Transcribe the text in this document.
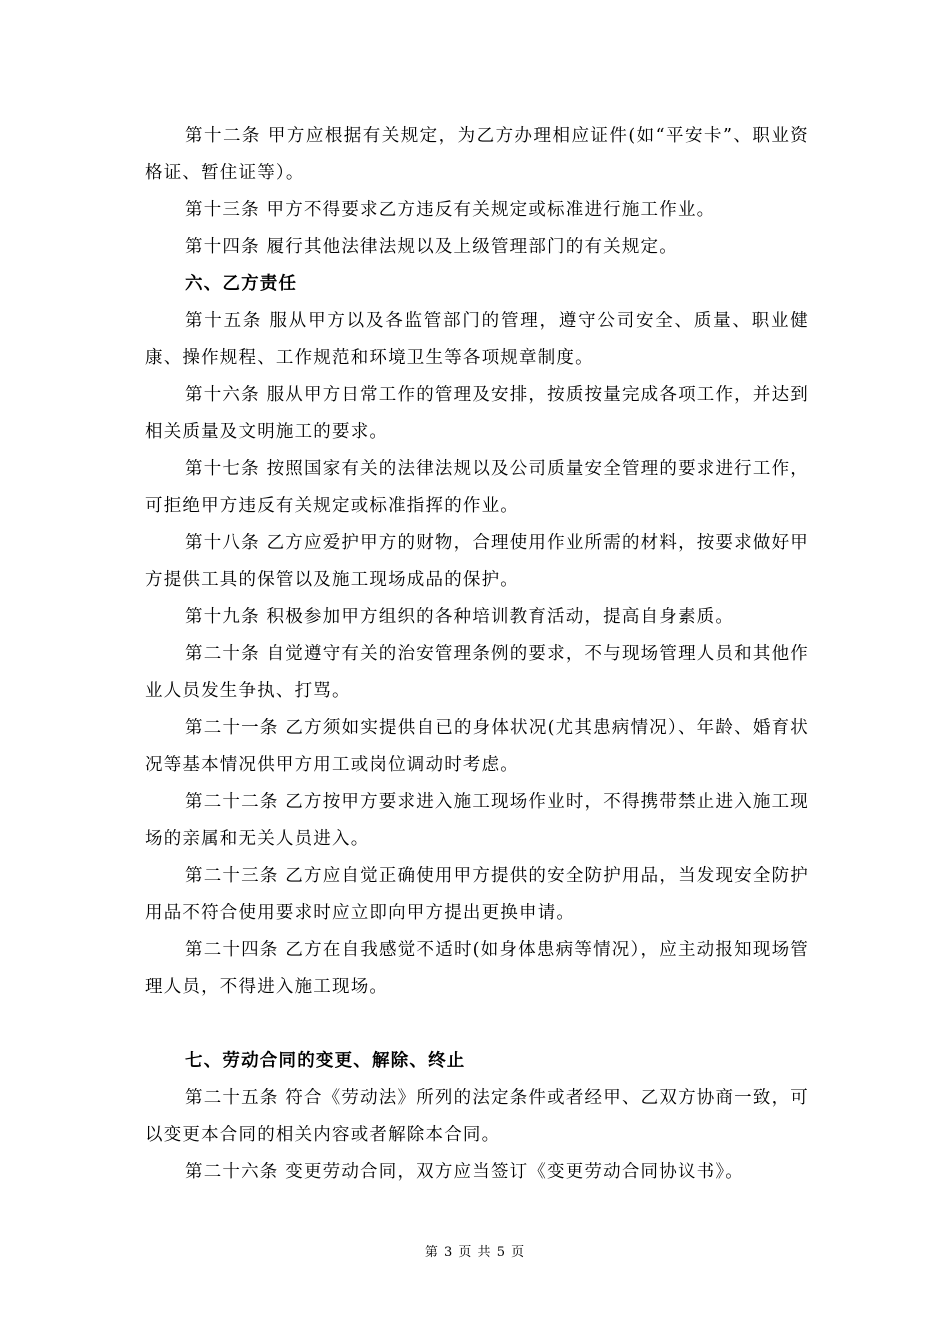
第十二条 甲方应根据有关规定，为乙方办理相应证件(如“平安卡”、职业资格证、暂住证等）。

第十三条 甲方不得要求乙方违反有关规定或标准进行施工作业。

第十四条 履行其他法律法规以及上级管理部门的有关规定。

六、乙方责任

第十五条 服从甲方以及各监管部门的管理，遵守公司安全、质量、职业健康、操作规程、工作规范和环境卫生等各项规章制度。

第十六条 服从甲方日常工作的管理及安排，按质按量完成各项工作，并达到相关质量及文明施工的要求。

第十七条 按照国家有关的法律法规以及公司质量安全管理的要求进行工作，可拒绝甲方违反有关规定或标准指挥的作业。

第十八条 乙方应爱护甲方的财物，合理使用作业所需的材料，按要求做好甲方提供工具的保管以及施工现场成品的保护。

第十九条 积极参加甲方组织的各种培训教育活动，提高自身素质。

第二十条 自觉遵守有关的治安管理条例的要求，不与现场管理人员和其他作业人员发生争执、打骂。

第二十一条 乙方须如实提供自已的身体状况(尤其患病情况）、年龄、婚育状况等基本情况供甲方用工或岗位调动时考虑。

第二十二条 乙方按甲方要求进入施工现场作业时，不得携带禁止进入施工现场的亲属和无关人员进入。

第二十三条 乙方应自觉正确使用甲方提供的安全防护用品，当发现安全防护用品不符合使用要求时应立即向甲方提出更换申请。

第二十四条 乙方在自我感觉不适时(如身体患病等情况），应主动报知现场管理人员，不得进入施工现场。

七、劳动合同的变更、解除、终止

第二十五条 符合《劳动法》所列的法定条件或者经甲、乙双方协商一致，可以变更本合同的相关内容或者解除本合同。

第二十六条 变更劳动合同，双方应当签订《变更劳动合同协议书》。

第 3 页 共 5 页
